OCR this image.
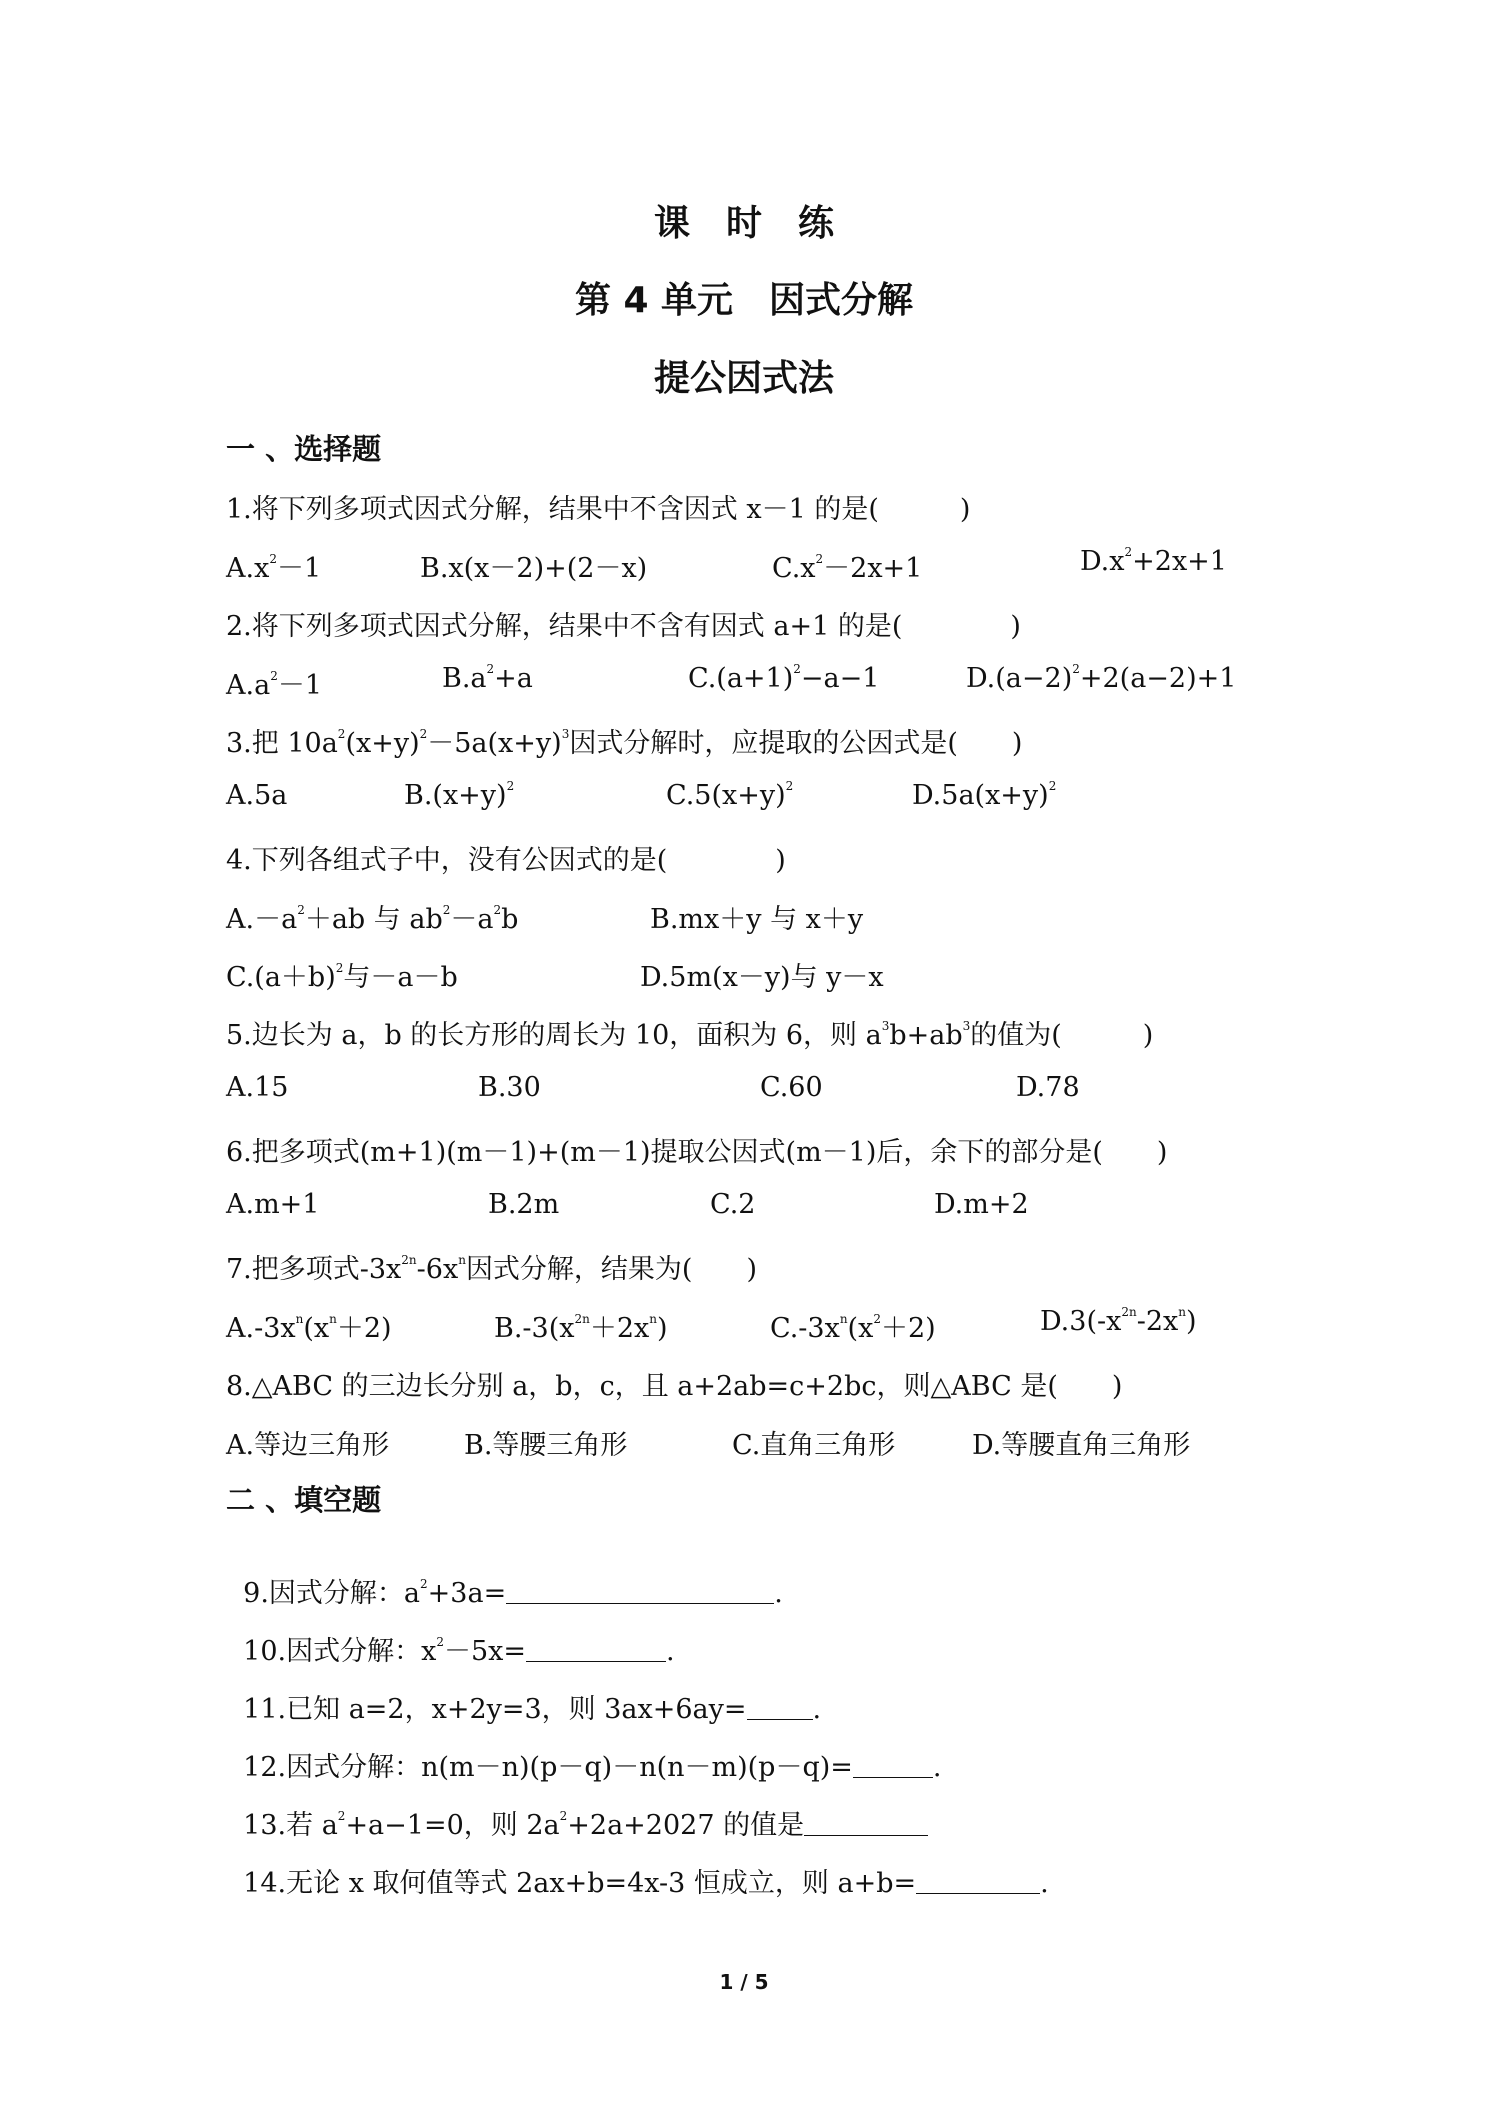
课　时　练
第 4 单元　因式分解
提公因式法
一 、选择题
1.将下列多项式因式分解，结果中不含因式 x－1 的是(　　　)
$A.x^2-1$	B.x(x－2)+(2－x)	$C.x^2-2x+1$	$D.x^2+2x+1$
2.将下列多项式因式分解，结果中不含有因式 a+1 的是(　　　　)
$A.a^2-1$	$B.a^2+a$	$C.(a+1)^2-a-1$	$D.(a-2)^2+2(a-2)+1$
3.把 $10a^2(x+y)^2-5a(x+y)^3$因式分解时，应提取的公因式是(　　)
A.5a	$B.(x+y)^2$	$C.5(x+y)^2$	$D.5a(x+y)^2$
4.下列各组式子中，没有公因式的是(　　　　)
$A.-a^2+ab$ 与 $ab^2-a^2b$	B.mx＋y 与 x＋y
$C.(a+b)^2$与－a－b	D.5m(x－y)与 y－x
5.边长为 a，b 的长方形的周长为 10，面积为 6，则 $a^3b+ab^3$的值为(　　　)
A.15	B.30	C.60	D.78
6.把多项式(m+1)(m－1)+(m－1)提取公因式(m－1)后，余下的部分是(　　)
A.m+1	B.2m	C.2	D.m+2
7.把多项式$-3x^{2n}-6x^n$因式分解，结果为(　　)
$A.-3x^n(x^n+2)$	$B.-3(x^{2n}+2x^n)$	$C.-3x^n(x^2+2)$	$D.3(-x^{2n}-2x^n)$
8.△ABC 的三边长分别 a，b，c，且 a+2ab=c+2bc，则△ABC 是(　　)
A.等边三角形	B.等腰三角形	C.直角三角形	D.等腰直角三角形
二 、填空题

9.因式分解：$a^2+3a=$	.

10.因式分解：$x^2-5x=$	.

11.已知 a=2，x+2y=3，则 3ax+6ay= .

12.因式分解：n(m－n)(p－q)－n(n－m)(p－q)=	.

13.若 $a^2+a-1=0$，则 $2a^2+2a+2027$ 的值是

14.无论 x 取何值等式 2ax+b=4x-3 恒成立，则 a+b=	.

1 / 5
